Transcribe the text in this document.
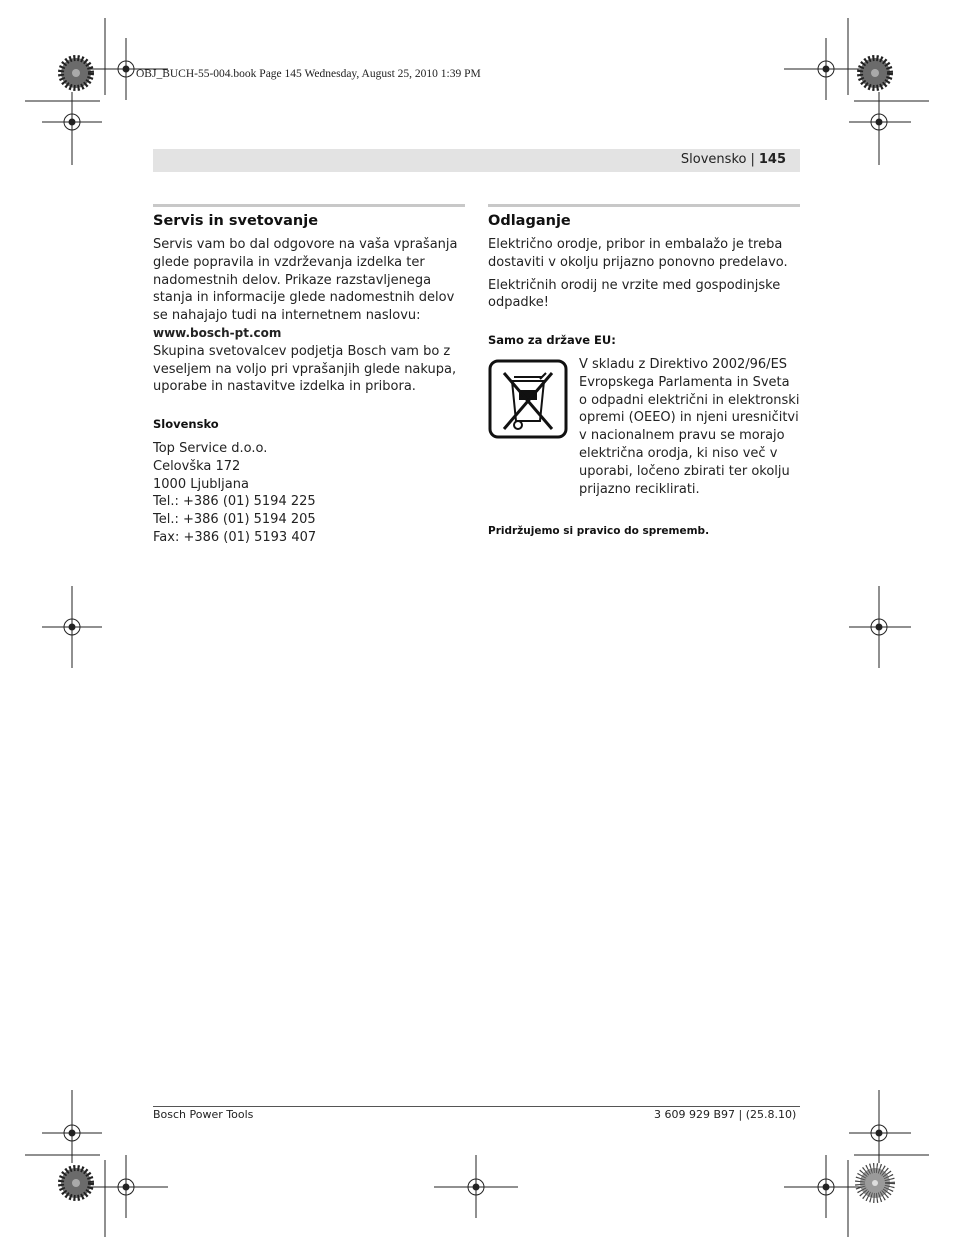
OBJ_BUCH-55-004.book Page 145 Wednesday, August 25, 2010 1:39 PM
Slovensko | 145
Servis in svetovanje

Servis vam bo dal odgovore na vaša vprašanja glede popravila in vzdrževanja izdelka ter nadomestnih delov. Prikaze razstavljenega stanja in informacije glede nadomestnih delov se nahajajo tudi na internetnem naslovu:

www.bosch-pt.com

Skupina svetovalcev podjetja Bosch vam bo z veseljem na voljo pri vprašanjih glede nakupa, uporabe in nastavitve izdelka in pribora.

Slovensko

Top Service d.o.o.

Celovška 172

1000 Ljubljana

Tel.: +386 (01) 5194 225

Tel.: +386 (01) 5194 205

Fax: +386 (01) 5193 407

Odlaganje

Električno orodje, pribor in embalažo je treba dostaviti v okolju prijazno ponovno predelavo.

Električnih orodij ne vrzite med gospodinjske odpadke!

Samo za države EU:

V skladu z Direktivo 2002/96/ES Evropskega Parlamenta in Sveta o odpadni električni in elektronski opremi (OEEO) in njeni uresničitvi v nacionalnem pravu se morajo električna orodja, ki niso več v uporabi, ločeno zbirati ter okolju prijazno reciklirati.

Pridržujemo si pravico do sprememb.
Bosch Power Tools	3 609 929 B97 | (25.8.10)
